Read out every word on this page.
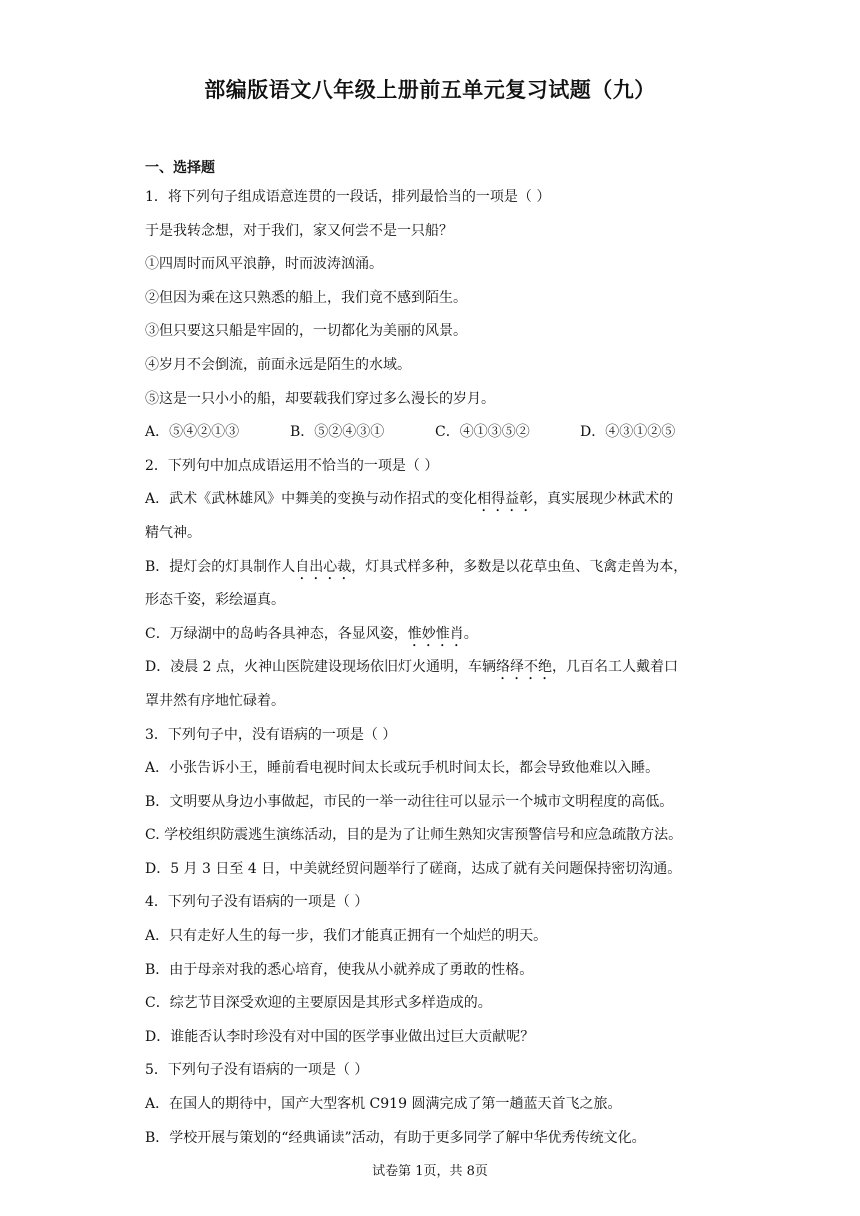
部编版语文八年级上册前五单元复习试题（九）
一、选择题
1．将下列句子组成语意连贯的一段话，排列最恰当的一项是（ ）
于是我转念想，对于我们，家又何尝不是一只船？
①四周时而风平浪静，时而波涛汹涌。
②但因为乘在这只熟悉的船上，我们竟不感到陌生。
③但只要这只船是牢固的，一切都化为美丽的风景。
④岁月不会倒流，前面永远是陌生的水域。
⑤这是一只小小的船，却要载我们穿过多么漫长的岁月。
A．⑤④②①③	B．⑤②④③①	C．④①③⑤②	D．④③①②⑤
2．下列句中加点成语运用不恰当的一项是（ ）
A．武术《武林雄风》中舞美的变换与动作招式的变化相得益彰，真实展现少林武术的
精气神。
B．提灯会的灯具制作人自出心裁，灯具式样多种，多数是以花草虫鱼、飞禽走兽为本，
形态千姿，彩绘逼真。
C．万绿湖中的岛屿各具神态，各显风姿，惟妙惟肖。
D．凌晨 2 点，火神山医院建设现场依旧灯火通明，车辆络绎不绝，几百名工人戴着口
罩井然有序地忙碌着。
3．下列句子中，没有语病的一项是（ ）
A．小张告诉小王，睡前看电视时间太长或玩手机时间太长，都会导致他难以入睡。
B．文明要从身边小事做起，市民的一举一动往往可以显示一个城市文明程度的高低。
C. 学校组织防震逃生演练活动，目的是为了让师生熟知灾害预警信号和应急疏散方法。
D．5 月 3 日至 4 日，中美就经贸问题举行了磋商，达成了就有关问题保持密切沟通。
4．下列句子没有语病的一项是（ ）
A．只有走好人生的每一步，我们才能真正拥有一个灿烂的明天。
B．由于母亲对我的悉心培育，使我从小就养成了勇敢的性格。
C．综艺节目深受欢迎的主要原因是其形式多样造成的。
D．谁能否认李时珍没有对中国的医学事业做出过巨大贡献呢？
5．下列句子没有语病的一项是（ ）
A．在国人的期待中，国产大型客机 C919 圆满完成了第一趟蓝天首飞之旅。
B．学校开展与策划的“经典诵读”活动，有助于更多同学了解中华优秀传统文化。
试卷第 1页，共 8页
